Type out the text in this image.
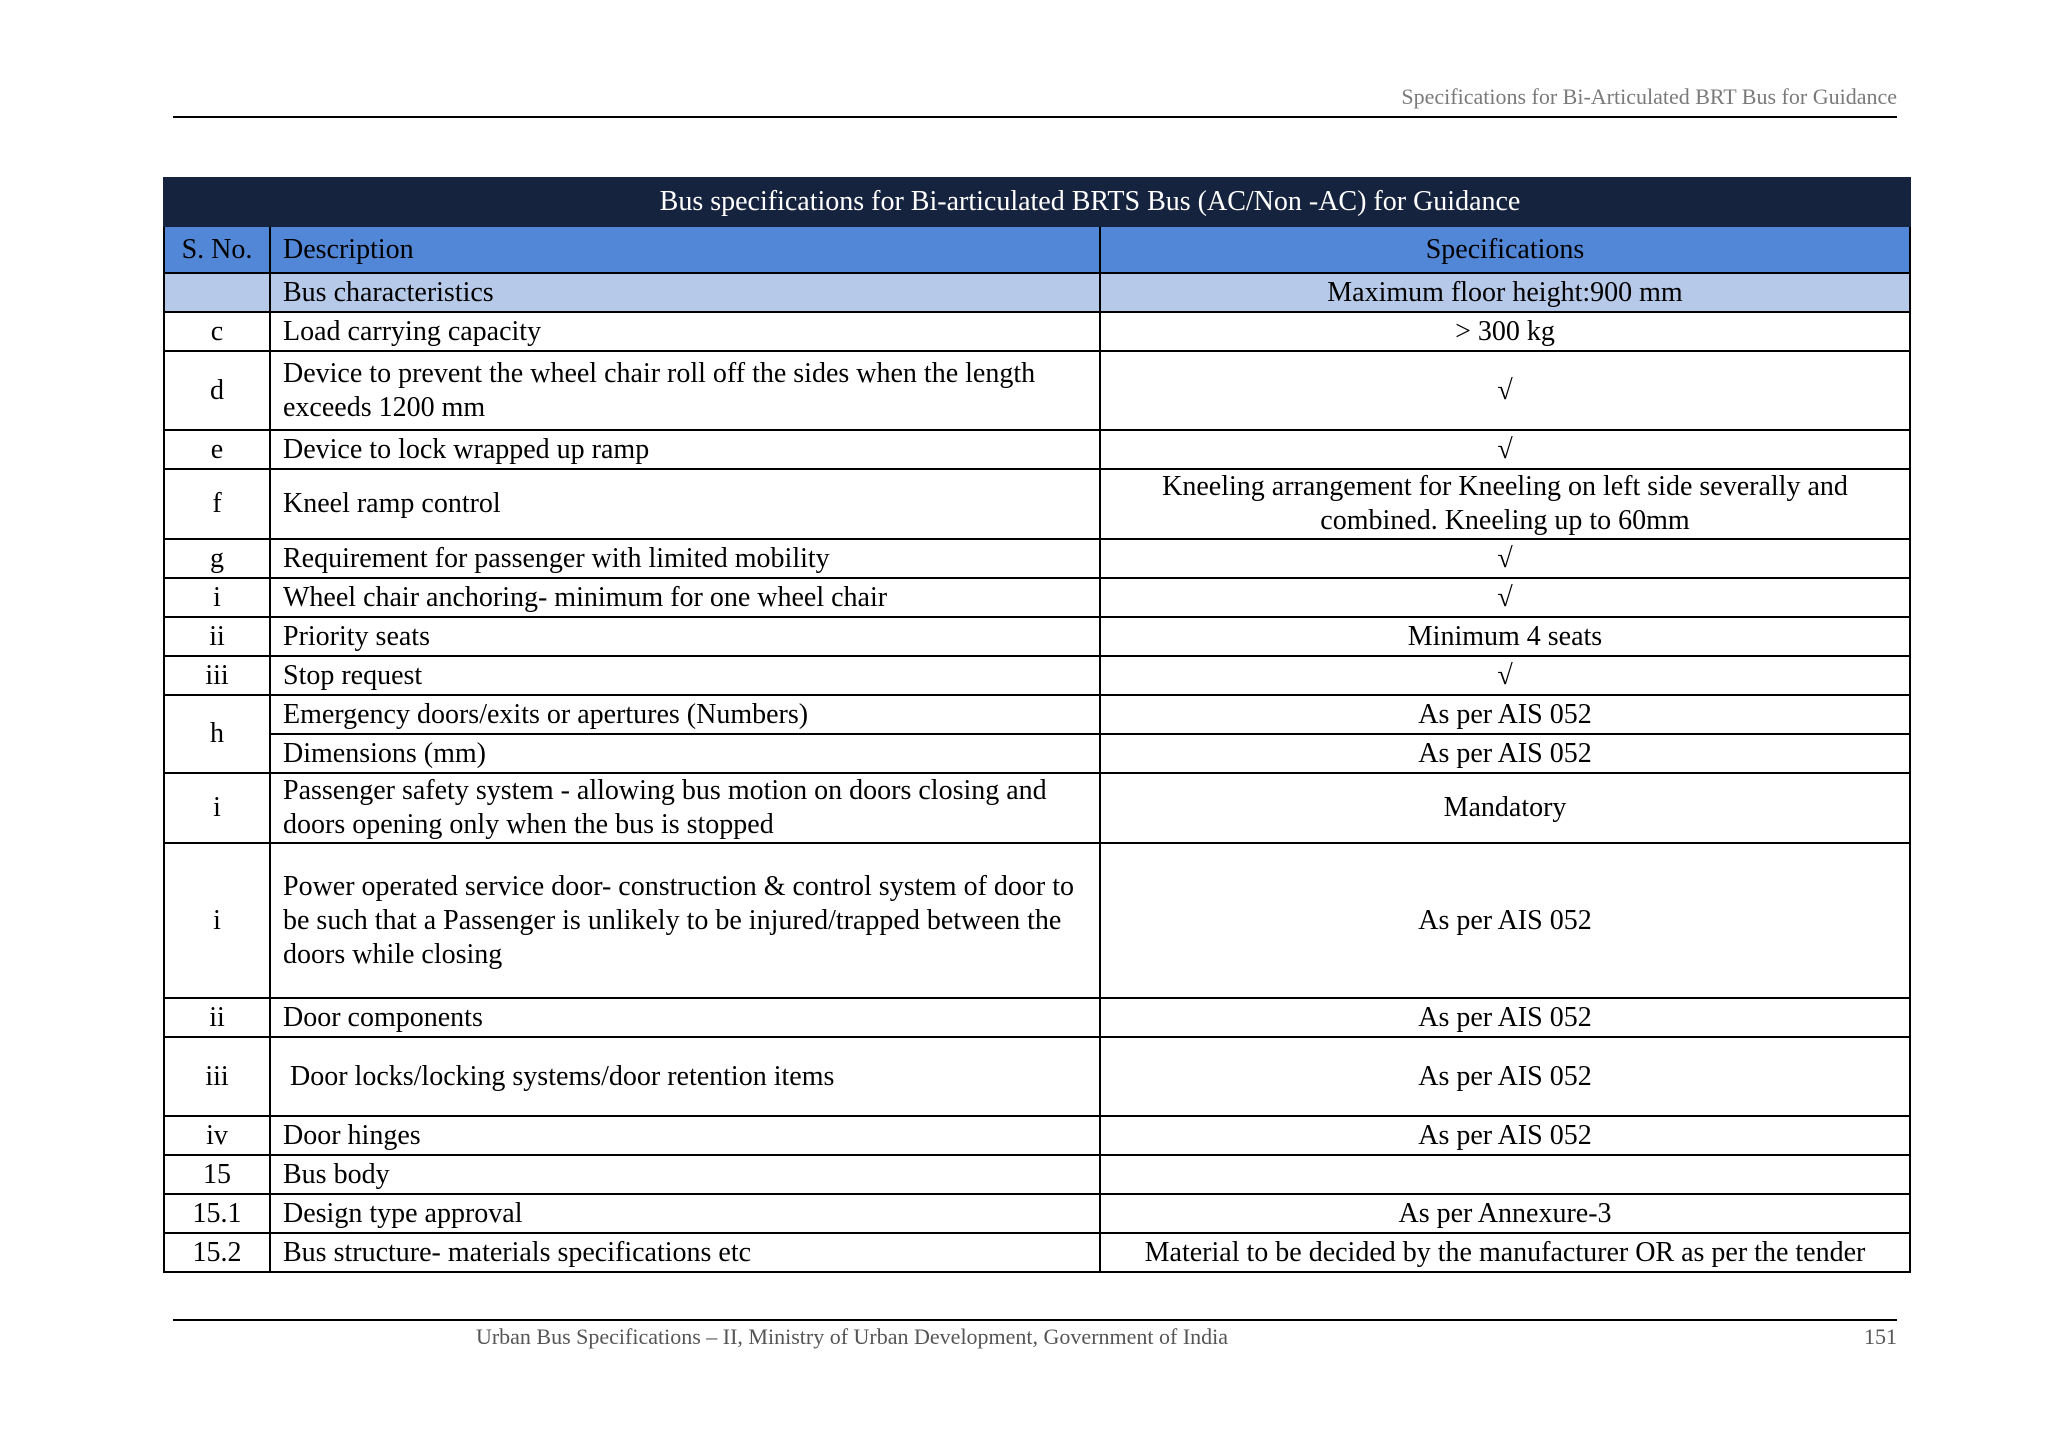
Specifications for Bi-Articulated BRT Bus for Guidance
	Bus specifications for Bi-articulated BRTS Bus (AC/Non -AC) for Guidance	
S. No.	Description	Specifications
	Bus characteristics	Maximum floor height:900 mm
c	Load carrying capacity	> 300 kg
d	Device to prevent the wheel chair roll off the sides when the length exceeds 1200 mm	√
e	Device to lock wrapped up ramp	√
f	Kneel ramp control	Kneeling arrangement for Kneeling on left side severally and combined. Kneeling up to 60mm
g	Requirement for passenger with limited mobility	√
i	Wheel chair anchoring- minimum for one wheel chair	√
ii	Priority seats	Minimum 4 seats
iii	Stop request	√
h	Emergency doors/exits or apertures (Numbers)	As per AIS 052
	Dimensions (mm)	As per AIS 052
i	Passenger safety system - allowing bus motion on doors closing and doors opening only when the bus is stopped	Mandatory
i	Power operated service door- construction & control system of door to be such that a Passenger is unlikely to be injured/trapped between the doors while closing	As per AIS 052
ii	Door components	As per AIS 052
iii	Door locks/locking systems/door retention items	As per AIS 052
iv	Door hinges	As per AIS 052
15	Bus body	
15.1	Design type approval	As per Annexure-3
15.2	Bus structure- materials specifications etc	Material to be decided by the manufacturer OR as per the tender
Urban Bus Specifications – II, Ministry of Urban Development, Government of India	151
